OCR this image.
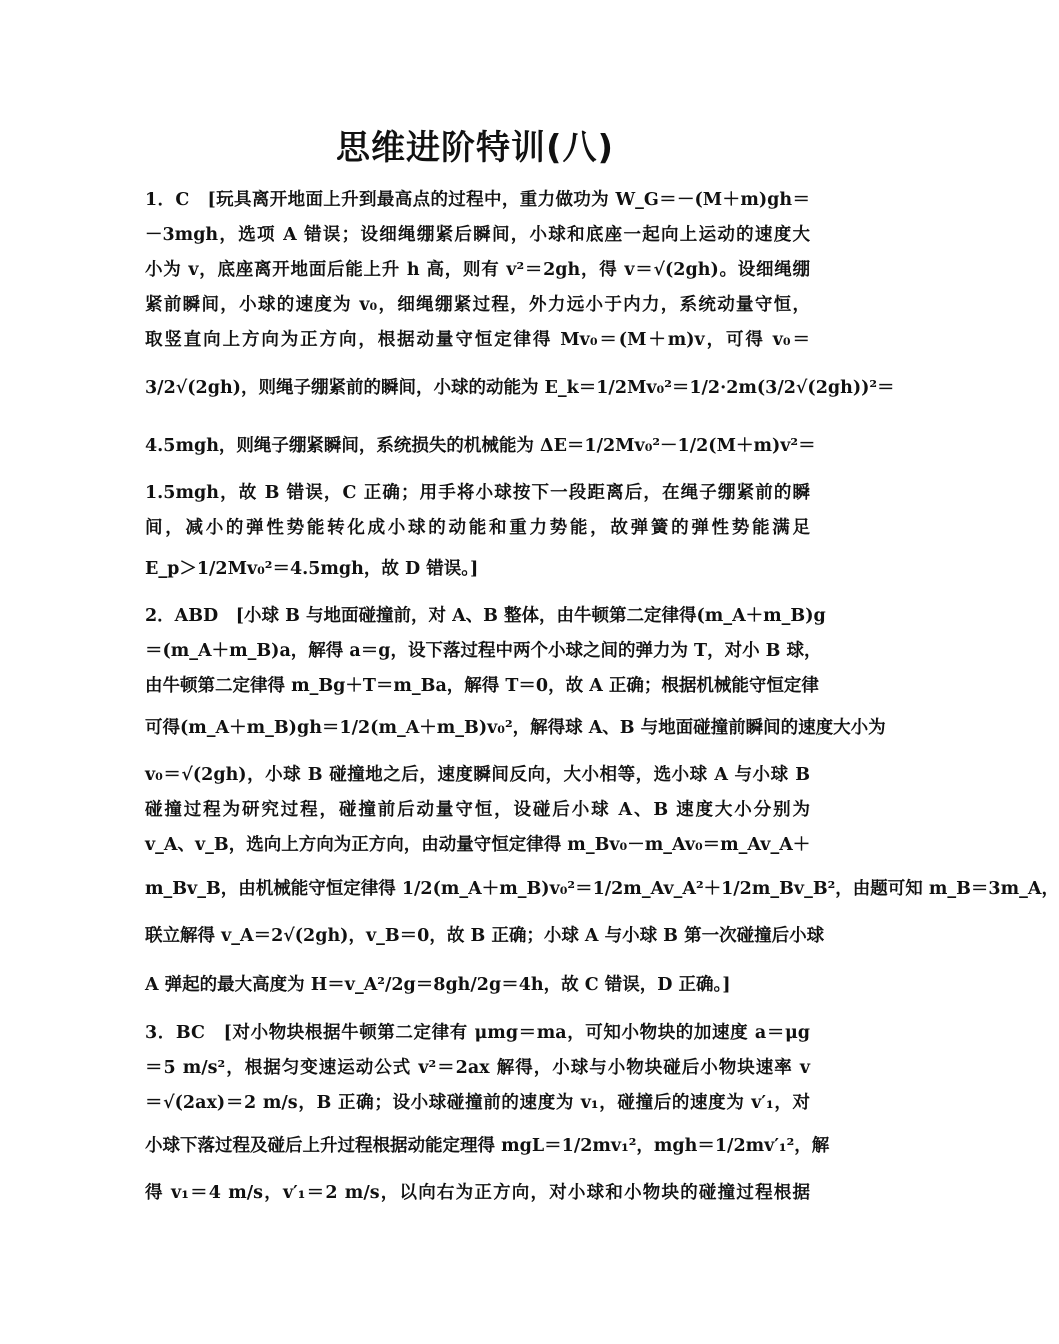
思维进阶特训(八)
1．C　[玩具离开地面上升到最高点的过程中，重力做功为 W_G＝－(M＋m)gh＝
－3mgh，选项 A 错误；设细绳绷紧后瞬间，小球和底座一起向上运动的速度大
小为 v，底座离开地面后能上升 h 高，则有 v²＝2gh，得 v＝√(2gh)。设细绳绷
紧前瞬间，小球的速度为 v₀，细绳绷紧过程，外力远小于内力，系统动量守恒，
取竖直向上方向为正方向，根据动量守恒定律得 Mv₀＝(M＋m)v，可得 v₀＝
3/2√(2gh)，则绳子绷紧前的瞬间，小球的动能为 E_k＝1/2Mv₀²＝1/2·2m(3/2√(2gh))²＝
4.5mgh，则绳子绷紧瞬间，系统损失的机械能为 ΔE＝1/2Mv₀²－1/2(M＋m)v²＝
1.5mgh，故 B 错误，C 正确；用手将小球按下一段距离后，在绳子绷紧前的瞬
间，减小的弹性势能转化成小球的动能和重力势能，故弹簧的弹性势能满足
E_p＞1/2Mv₀²＝4.5mgh，故 D 错误。]
2．ABD　[小球 B 与地面碰撞前，对 A、B 整体，由牛顿第二定律得(m_A＋m_B)g
＝(m_A＋m_B)a，解得 a＝g，设下落过程中两个小球之间的弹力为 T，对小 B 球，
由牛顿第二定律得 m_Bg＋T＝m_Ba，解得 T＝0，故 A 正确；根据机械能守恒定律
可得(m_A＋m_B)gh＝1/2(m_A＋m_B)v₀²，解得球 A、B 与地面碰撞前瞬间的速度大小为
v₀＝√(2gh)，小球 B 碰撞地之后，速度瞬间反向，大小相等，选小球 A 与小球 B
碰撞过程为研究过程，碰撞前后动量守恒，设碰后小球 A、B 速度大小分别为
v_A、v_B，选向上方向为正方向，由动量守恒定律得 m_Bv₀－m_Av₀＝m_Av_A＋
m_Bv_B，由机械能守恒定律得 1/2(m_A＋m_B)v₀²＝1/2m_Av_A²＋1/2m_Bv_B²，由题可知 m_B＝3m_A，
联立解得 v_A＝2√(2gh)，v_B＝0，故 B 正确；小球 A 与小球 B 第一次碰撞后小球
A 弹起的最大高度为 H＝v_A²/2g＝8gh/2g＝4h，故 C 错误，D 正确。]
3．BC　[对小物块根据牛顿第二定律有 μmg＝ma，可知小物块的加速度 a＝μg
＝5 m/s²，根据匀变速运动公式 v²＝2ax 解得，小球与小物块碰后小物块速率 v
＝√(2ax)＝2 m/s，B 正确；设小球碰撞前的速度为 v₁，碰撞后的速度为 v′₁，对
小球下落过程及碰后上升过程根据动能定理得 mgL＝1/2mv₁²，mgh＝1/2mv′₁²，解
得 v₁＝4 m/s，v′₁＝2 m/s，以向右为正方向，对小球和小物块的碰撞过程根据
